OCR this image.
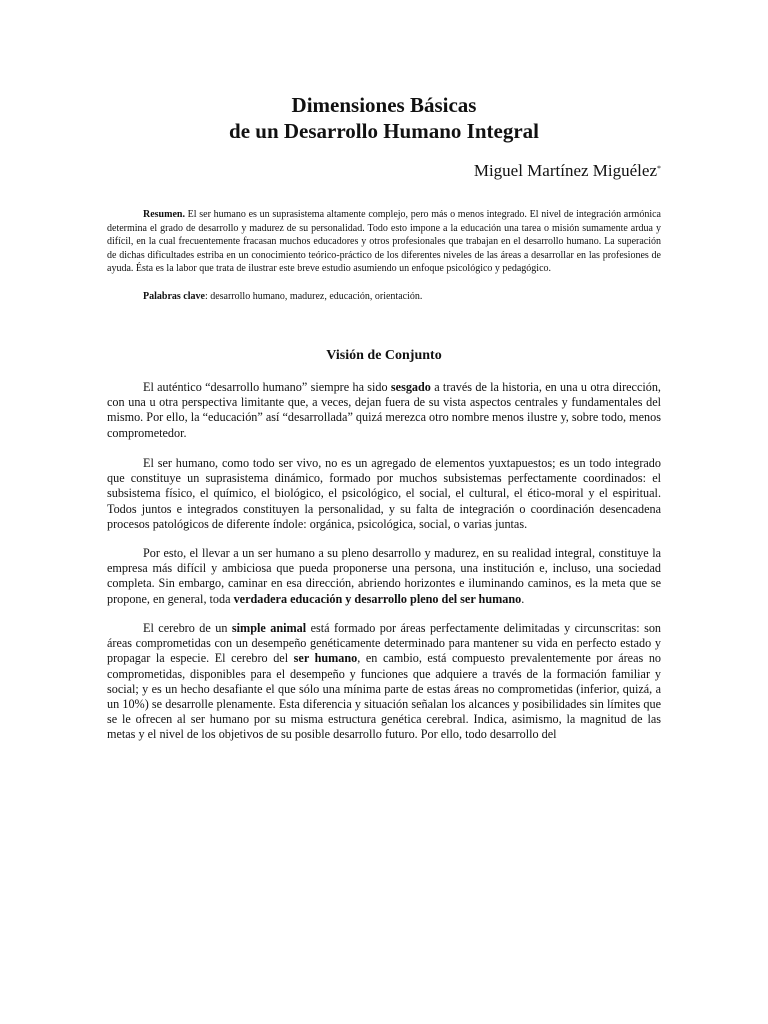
Dimensiones Básicas
de un Desarrollo Humano Integral
Miguel Martínez Miguélez*

Resumen. El ser humano es un suprasistema altamente complejo, pero más o menos integrado. El nivel de integración armónica determina el grado de desarrollo y madurez de su personalidad. Todo esto impone a la educación una tarea o misión sumamente ardua y difícil, en la cual frecuentemente fracasan muchos educadores y otros profesionales que trabajan en el desarrollo humano. La superación de dichas dificultades estriba en un conocimiento teórico-práctico de los diferentes niveles de las áreas a desarrollar en las profesiones de ayuda. Ésta es la labor que trata de ilustrar este breve estudio asumiendo un enfoque psicológico y pedagógico.

Palabras clave: desarrollo humano, madurez, educación, orientación.

Visión de Conjunto

El auténtico “desarrollo humano” siempre ha sido sesgado a través de la historia, en una u otra dirección, con una u otra perspectiva limitante que, a veces, dejan fuera de su vista aspectos centrales y fundamentales del mismo. Por ello, la “educación” así “desarrollada” quizá merezca otro nombre menos ilustre y, sobre todo, menos comprometedor.

El ser humano, como todo ser vivo, no es un agregado de elementos yuxtapuestos; es un todo integrado que constituye un suprasistema dinámico, formado por muchos subsistemas perfectamente coordinados: el subsistema físico, el químico, el biológico, el psicológico, el social, el cultural, el ético-moral y el espiritual. Todos juntos e integrados constituyen la personalidad, y su falta de integración o coordinación desencadena procesos patológicos de diferente índole: orgánica, psicológica, social, o varias juntas.

Por esto, el llevar a un ser humano a su pleno desarrollo y madurez, en su realidad integral, constituye la empresa más difícil y ambiciosa que pueda proponerse una persona, una institución e, incluso, una sociedad completa. Sin embargo, caminar en esa dirección, abriendo horizontes e iluminando caminos, es la meta que se propone, en general, toda verdadera educación y desarrollo pleno del ser humano.

El cerebro de un simple animal está formado por áreas perfectamente delimitadas y circunscritas: son áreas comprometidas con un desempeño genéticamente determinado para mantener su vida en perfecto estado y propagar la especie. El cerebro del ser humano, en cambio, está compuesto prevalentemente por áreas no comprometidas, disponibles para el desempeño y funciones que adquiere a través de la formación familiar y social; y es un hecho desafiante el que sólo una mínima parte de estas áreas no comprometidas (inferior, quizá, a un 10%) se desarrolle plenamente. Esta diferencia y situación señalan los alcances y posibilidades sin límites que se le ofrecen al ser humano por su misma estructura genética cerebral. Indica, asimismo, la magnitud de las metas y el nivel de los objetivos de su posible desarrollo futuro. Por ello, todo desarrollo del
